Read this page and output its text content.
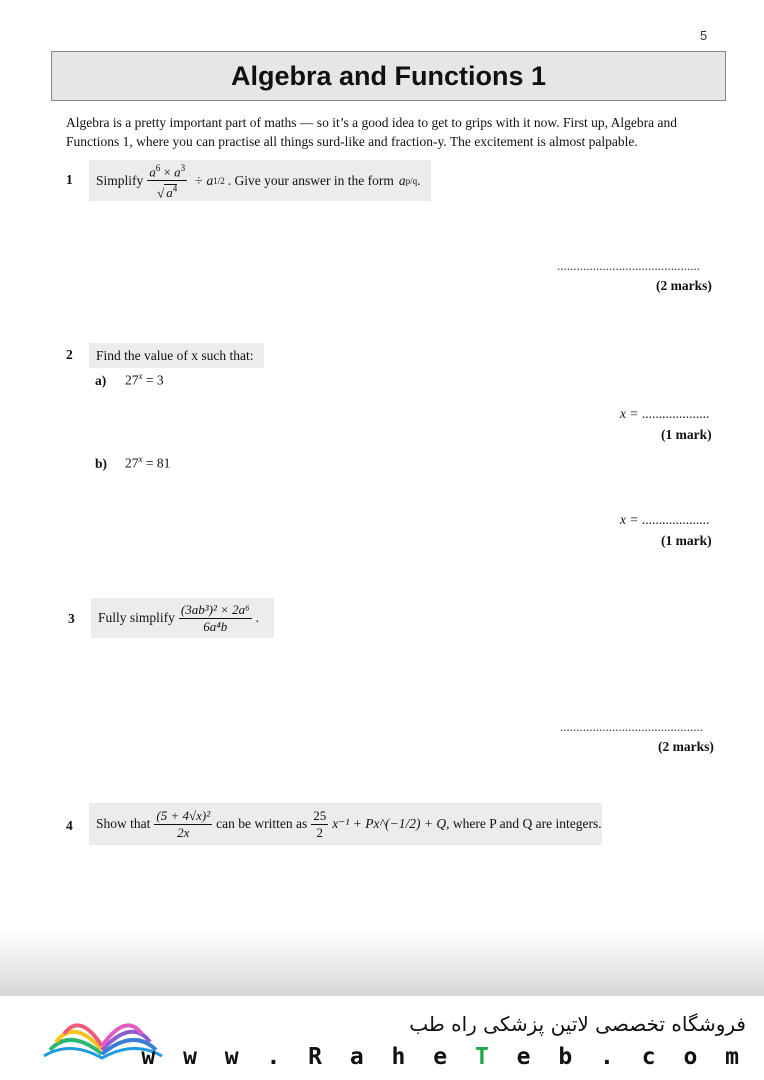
5
Algebra and Functions 1
Algebra is a pretty important part of maths — so it’s a good idea to get to grips with it now. First up, Algebra and Functions 1, where you can practise all things surd-like and fraction-y. The excitement is almost palpable.
1 Simplify $\frac{a^6 \times a^3}{√ a^4} \div a$ 1/2 . Give your answer in the form a p/q .
............................................
(2 marks)
2 Find the value of x such that:
a) $27^x = 3$
x = ....................
(1 mark)
b) $27^x = 81$
x = ....................
(1 mark)
3 Fully simplify $\frac{\text{(3ab³)² × 2a⁶}}{\text{6a⁴b}}$ .
............................................
(2 marks)
4 Show that $\frac{\text{(5 + 4√x)²}}{2x}$ can be written as $\frac{25}{2} x^{-1}$ + Px^(−1/2) + Q , where P and Q are integers.
فروشگاه تخصصی لاتین پزشکی راه طب
w w w . R a h e T e b . c o m
